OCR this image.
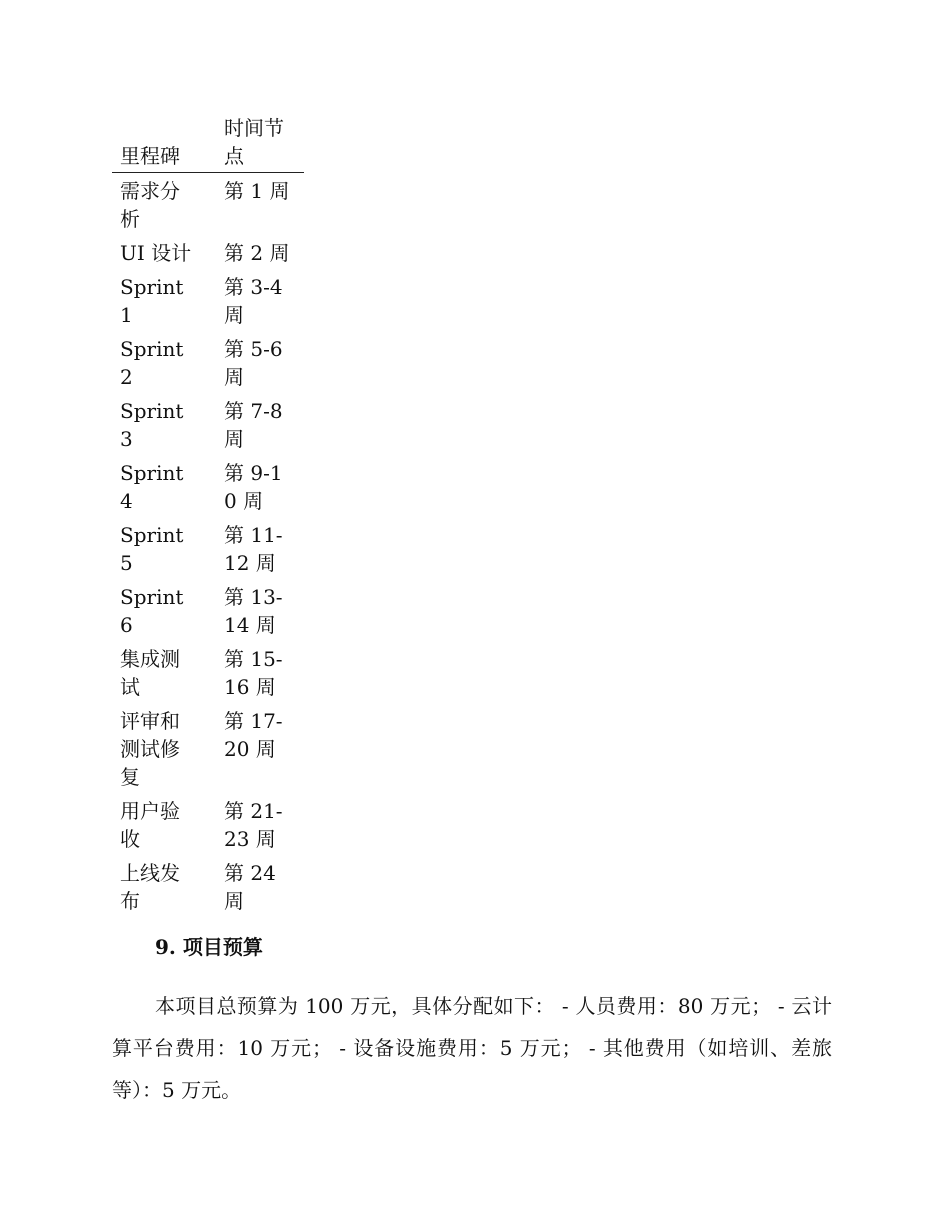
里程碑	时间节点

需求分析	第 1 周

UI 设计	第 2 周

Sprint 1	第 3-4 周

Sprint 2	第 5-6 周

Sprint 3	第 7-8 周

Sprint 4	第 9-10 周

Sprint 5	第 11-12 周

Sprint 6	第 13-14 周

集成测试	第 15-16 周

评审和测试修复	第 17-20 周

用户验收	第 21-23 周

上线发布	第 24 周
9. 项目预算

本项目总预算为 100 万元，具体分配如下： - 人员费用：80 万元； - 云计算平台费用：10 万元； - 设备设施费用：5 万元； - 其他费用（如培训、差旅等）：5 万元。
